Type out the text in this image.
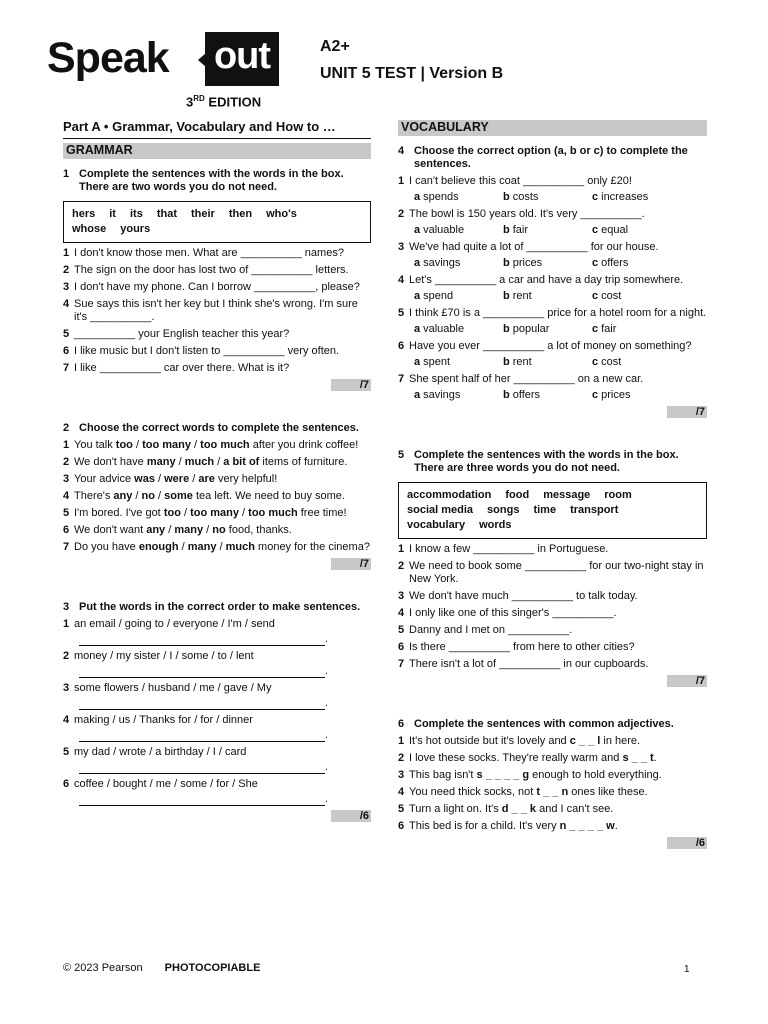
Speak out
3RD EDITION
A2+
UNIT 5 TEST | Version B
Part A • Grammar, Vocabulary and How to …
GRAMMAR
1 Complete the sentences with the words in the box. There are two words you do not need.
hers it its that their then who's
whose yours
1 I don't know those men. What are __________ names?
2 The sign on the door has lost two of __________ letters.
3 I don't have my phone. Can I borrow __________, please?
4 Sue says this isn't her key but I think she's wrong. I'm sure it's __________.
5 __________ your English teacher this year?
6 I like music but I don't listen to __________ very often.
7 I like __________ car over there. What is it?
/7
2 Choose the correct words to complete the sentences.
1 You talk too / too many / too much after you drink coffee!
2 We don't have many / much / a bit of items of furniture.
3 Your advice was / were / are very helpful!
4 There's any / no / some tea left. We need to buy some.
5 I'm bored. I've got too / too many / too much free time!
6 We don't want any / many / no food, thanks.
7 Do you have enough / many / much money for the cinema?
/7
3 Put the words in the correct order to make sentences.
1 an email / going to / everyone / I'm / send
.
2 money / my sister / I / some / to / lent
.
3 some flowers / husband / me / gave / My
.
4 making / us / Thanks for / for / dinner
.
5 my dad / wrote / a birthday / I / card
.
6 coffee / bought / me / some / for / She
.
/6
VOCABULARY
4 Choose the correct option (a, b or c) to complete the sentences.
1 I can't believe this coat __________ only £20!
a spends	b costs	c increases
2 The bowl is 150 years old. It's very __________.
a valuable	b fair	c equal
3 We've had quite a lot of __________ for our house.
a savings	b prices	c offers
4 Let's __________ a car and have a day trip somewhere.
a spend	b rent	c cost
5 I think £70 is a __________ price for a hotel room for a night.
a valuable	b popular	c fair
6 Have you ever __________ a lot of money on something?
a spent	b rent	c cost
7 She spent half of her __________ on a new car.
a savings	b offers	c prices
/7
5 Complete the sentences with the words in the box. There are three words you do not need.
accommodation food message room
social media songs time transport
vocabulary words
1 I know a few __________ in Portuguese.
2 We need to book some __________ for our two-night stay in New York.
3 We don't have much __________ to talk today.
4 I only like one of this singer's __________.
5 Danny and I met on __________.
6 Is there __________ from here to other cities?
7 There isn't a lot of __________ in our cupboards.
/7
6 Complete the sentences with common adjectives.
1 It's hot outside but it's lovely and c _ _ l in here.
2 I love these socks. They're really warm and s _ _ t.
3 This bag isn't s _ _ _ _ g enough to hold everything.
4 You need thick socks, not t _ _ n ones like these.
5 Turn a light on. It's d _ _ k and I can't see.
6 This bed is for a child. It's very n _ _ _ _ w.
/6
© 2023 Pearson PHOTOCOPIABLE	1
